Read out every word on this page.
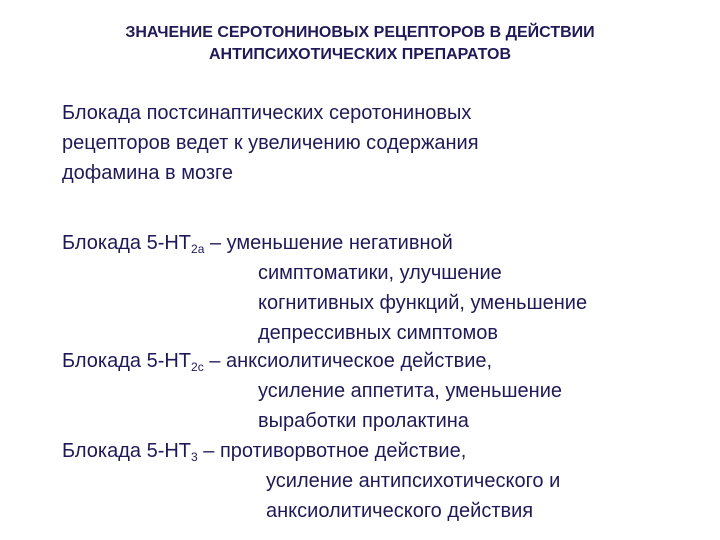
ЗНАЧЕНИЕ СЕРОТОНИНОВЫХ РЕЦЕПТОРОВ В ДЕЙСТВИИ
АНТИПСИХОТИЧЕСКИХ ПРЕПАРАТОВ

Блокада постсинаптических серотониновых

рецепторов ведет к увеличению содержания

дофамина в мозге

Блокада $5-НТ_{2а}$ – уменьшение негативной
симптоматики, улучшение
когнитивных функций, уменьшение
депрессивных симптомов
Блокада $5-НТ_{2с}$ – анксиолитическое действие,
усиление аппетита, уменьшение
выработки пролактина
Блокада $5-НТ_3$ – противорвотное действие,
усиление антипсихотического и
анксиолитического действия
